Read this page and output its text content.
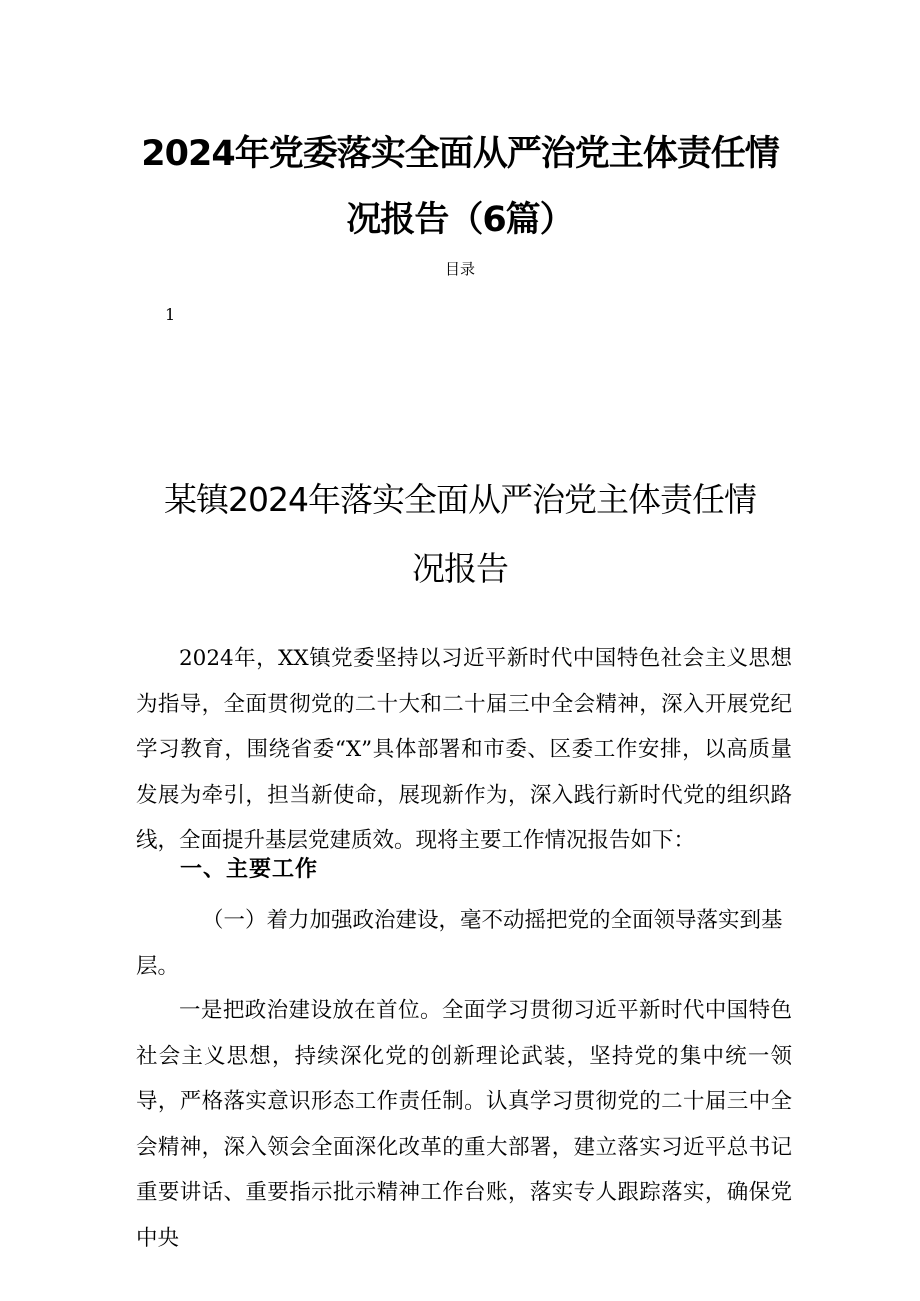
2024年党委落实全面从严治党主体责任情
况报告（6篇）
目录
1
某镇2024年落实全面从严治党主体责任情
况报告

2024年，XX镇党委坚持以习近平新时代中国特色社会主义思想为指导，全面贯彻党的二十大和二十届三中全会精神，深入开展党纪学习教育，围绕省委“X”具体部署和市委、区委工作安排，以高质量发展为牵引，担当新使命，展现新作为，深入践行新时代党的组织路线，全面提升基层党建质效。现将主要工作情况报告如下：

一、主要工作

（一）着力加强政治建设，毫不动摇把党的全面领导落实到基层。

一是把政治建设放在首位。全面学习贯彻习近平新时代中国特色社会主义思想，持续深化党的创新理论武装，坚持党的集中统一领导，严格落实意识形态工作责任制。认真学习贯彻党的二十届三中全会精神，深入领会全面深化改革的重大部署，建立落实习近平总书记重要讲话、重要指示批示精神工作台账，落实专人跟踪落实，确保党中央
